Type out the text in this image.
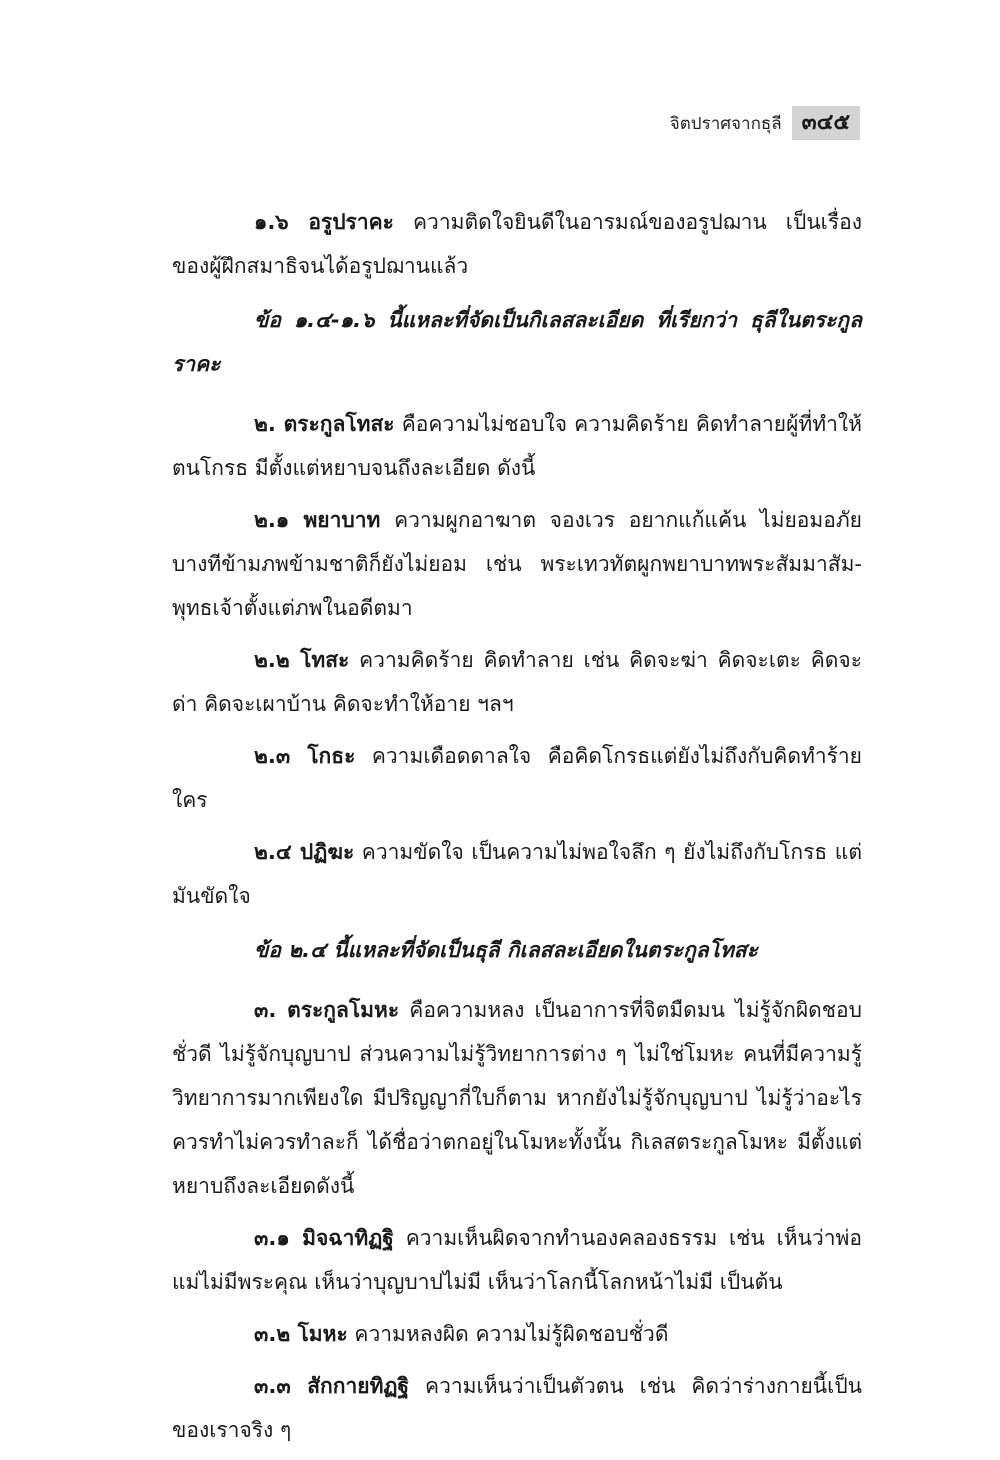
จิตปราศจากธุลี ๓๔๕

๑.๖ อรูปราคะ ความติดใจยินดีในอารมณ์ของอรูปฌาน เป็นเรื่องของผู้ฝึกสมาธิจนได้อรูปฌานแล้ว

ข้อ ๑.๔-๑.๖ นี้แหละที่จัดเป็นกิเลสละเอียด ที่เรียกว่า ธุลีในตระกูลราคะ

๒. ตระกูลโทสะ คือความไม่ชอบใจ ความคิดร้าย คิดทำลายผู้ที่ทำให้ตนโกรธ มีตั้งแต่หยาบจนถึงละเอียด ดังนี้

๒.๑ พยาบาท ความผูกอาฆาต จองเวร อยากแก้แค้น ไม่ยอมอภัย บางทีข้ามภพข้ามชาติก็ยังไม่ยอม เช่น พระเทวทัตผูกพยาบาทพระสัมมาสัม-พุทธเจ้าตั้งแต่ภพในอดีตมา

๒.๒ โทสะ ความคิดร้าย คิดทำลาย เช่น คิดจะฆ่า คิดจะเตะ คิดจะด่า คิดจะเผาบ้าน คิดจะทำให้อาย ฯลฯ

๒.๓ โกธะ ความเดือดดาลใจ คือคิดโกรธแต่ยังไม่ถึงกับคิดทำร้ายใคร

๒.๔ ปฏิฆะ ความขัดใจ เป็นความไม่พอใจลึก ๆ ยังไม่ถึงกับโกรธ แต่มันขัดใจ

ข้อ ๒.๔ นี้แหละที่จัดเป็นธุลี กิเลสละเอียดในตระกูลโทสะ

๓. ตระกูลโมหะ คือความหลง เป็นอาการที่จิตมืดมน ไม่รู้จักผิดชอบชั่วดี ไม่รู้จักบุญบาป ส่วนความไม่รู้วิทยาการต่าง ๆ ไม่ใช่โมหะ คนที่มีความรู้วิทยาการมากเพียงใด มีปริญญากี่ใบก็ตาม หากยังไม่รู้จักบุญบาป ไม่รู้ว่าอะไรควรทำไม่ควรทำละก็ ได้ชื่อว่าตกอยู่ในโมหะทั้งนั้น กิเลสตระกูลโมหะ มีตั้งแต่หยาบถึงละเอียดดังนี้

๓.๑ มิจฉาทิฏฐิ ความเห็นผิดจากทำนองคลองธรรม เช่น เห็นว่าพ่อแม่ไม่มีพระคุณ เห็นว่าบุญบาปไม่มี เห็นว่าโลกนี้โลกหน้าไม่มี เป็นต้น

๓.๒ โมหะ ความหลงผิด ความไม่รู้ผิดชอบชั่วดี

๓.๓ สักกายทิฏฐิ ความเห็นว่าเป็นตัวตน เช่น คิดว่าร่างกายนี้เป็นของเราจริง ๆ
